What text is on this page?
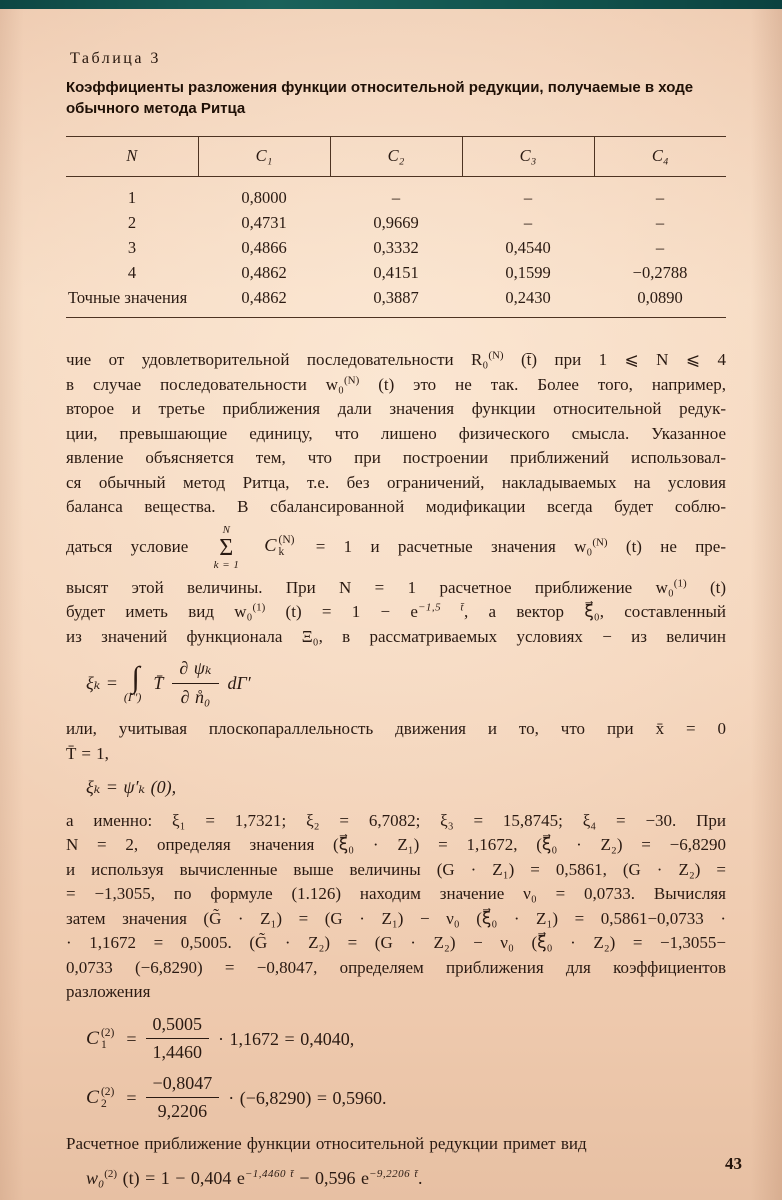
Таблица 3
Коэффициенты разложения функции относительной редукции, получаемые в ходе обычного метода Ритца
N	C₁	C₂	C₃	C₄
1	0,8000	–	–	–
2	0,4731	0,9669	–	–
3	0,4866	0,3332	0,4540	–
4	0,4862	0,4151	0,1599	−0,2788
Точные значения	0,4862	0,3887	0,2430	0,0890
чие от удовлетворительной последовательности R₀$^{(N)}$ (t̄) при 1 ⩽ N ⩽ 4
в случае последовательности w₀$^{(N)}$ (t) это не так. Более того, например,
второе и третье приближения дали значения функции относительной редук-
ции, превышающие единицу, что лишено физического смысла. Указанное
явление объясняется тем, что при построении приближений использовал-
ся обычный метод Ритца, т.е. без ограничений, накладываемых на условия
баланса вещества. В сбалансированной модификации всегда будет соблю-
даться условие
N
Σ
k = 1

C (N)
k = 1 и расчетные значения w₀$^{(N)}$ (t) не пре-
высят этой величины. При N = 1 расчетное приближение w₀$^{(1)}$ (t)
будет иметь вид w₀$^{(1)}$ $(t) = 1 - e^{-1,5 t̄}$, а вектор ξ⃗₀, составленный
из значений функционала Ξ₀, в рассматриваемых условиях − из величин
ξₖ = ∫
(Γ′)
T̄ $\frac{\text{∂ ψₖ}}{\text{∂ n̊₀}} d\Gamma'$
или, учитывая плоскопараллельность движения и то, что при x̄ = 0
T̄ = 1,
ξₖ = ψ′ₖ (0),
а именно: ξ₁ = 1,7321; ξ₂ = 6,7082; ξ₃ = 15,8745; ξ₄ = −30. При
N = 2, определяя значения (ξ⃗₀ · Z₁) = 1,1672, (ξ⃗₀ · Z₂) = −6,8290
и используя вычисленные выше величины (G · Z₁) = 0,5861, (G · Z₂) =
= −1,3055, по формуле (1.126) находим значение ν₀ = 0,0733. Вычисляя
затем значения (G̃ · Z₁) = (G · Z₁) − ν₀ (ξ⃗₀ · Z₁) = 0,5861−0,0733 ·
· 1,1672 = 0,5005. (G̃ · Z₂) = (G · Z₂) − ν₀ (ξ⃗₀ · Z₂) = −1,3055−
0,0733 (−6,8290) = −0,8047, определяем приближения для коэффициентов
разложения
C (2)
$1 = \frac{0,5005}{1,4460} \cdot 1,1672 = 0,4040$,
C (2)
$2 = \frac{-0,8047}{9,2206} \cdot (-6,8290) = 0,5960$.
Расчетное приближение функции относительной редукции примет вид
w₀$^{(2)}$ (t) = 1 − 0,404 $e^{-1,4460 t̄} - 0,596$ $e^{-9,2206 t̄}$.
43
